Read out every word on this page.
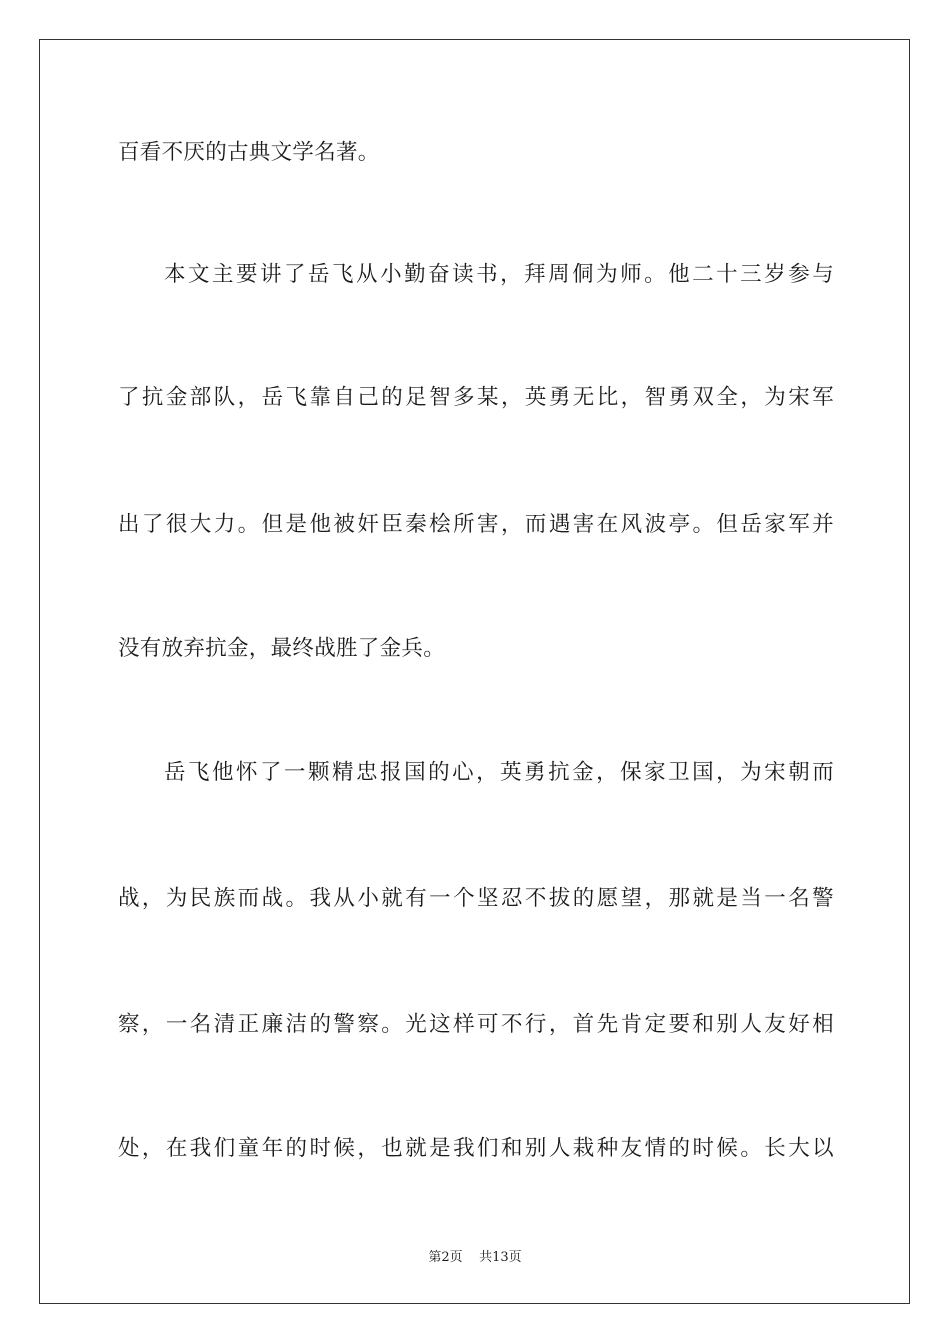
百看不厌的古典文学名著。
本文主要讲了岳飞从小勤奋读书，拜周侗为师。他二十三岁参与
了抗金部队，岳飞靠自己的足智多某，英勇无比，智勇双全，为宋军
出了很大力。但是他被奸臣秦桧所害，而遇害在风波亭。但岳家军并
没有放弃抗金，最终战胜了金兵。
岳飞他怀了一颗精忠报国的心，英勇抗金，保家卫国，为宋朝而
战，为民族而战。我从小就有一个坚忍不拔的愿望，那就是当一名警
察，一名清正廉洁的警察。光这样可不行，首先肯定要和别人友好相
处，在我们童年的时候，也就是我们和别人栽种友情的时候。长大以
第2页    共13页
